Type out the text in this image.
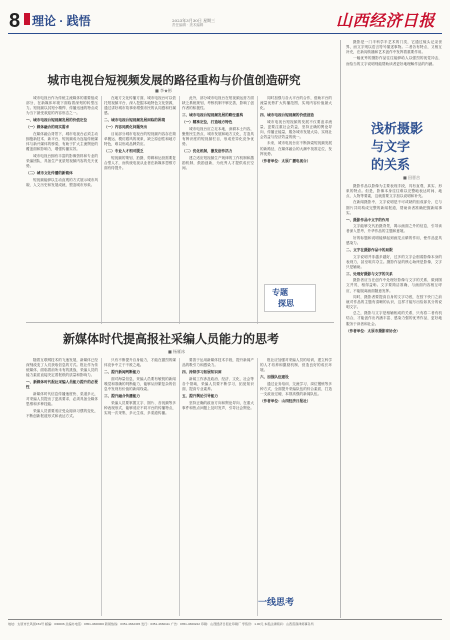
8 理论 · 践悟	2023年3月30日 星期三
责任编辑 · 美术编辑	山西经济日报
城市电视台短视频发展的路径重构与价值创造研究
■ 李★彬

城市电视台作为传统主流媒体的重要组成部分，在新媒体环境下面临着深刻的转型压力。短视频以其短小精悍、传播迅速的特点成为当下最受欢迎的内容形态之一。

一、城市电视台短视频发展的价值定位

（一）媒体融合的现实需求

在媒体融合背景下，城市电视台必须主动拥抱新技术、新平台，短视频成为连接传统媒体与新兴媒体的桥梁，有助于扩大主流舆论的覆盖面和影响力，增强传播实效。

城市电视台拥有丰富的影像资料和专业的采编团队，具备生产优质短视频内容的先天优势。

（二）城市文化传播的新载体

短视频能够以生动直观的方式展示城市风貌、人文历史和发展成就，塑造城市形象。

在地方文化传播方面，城市电视台可以依托短视频平台，深入挖掘本地特色文化资源，通过讲好城市故事来增强市民的认同感和归属感。

二、城市电视台短视频发展面临的困境

（一）内容同质化问题突出

目前部分城市电视台的短视频内容存在简单搬运、模仿跟风的现象，缺乏原创性和地方特色，难以形成品牌效应。

（二）专业人才相对匮乏

短视频的策划、拍摄、剪辑和运营需要复合型人才，而传统电视从业者在新媒体思维方面有待提升。

此外，部分城市电视台在短视频运营方面缺乏系统规划，考核机制不够完善，影响了创作者的积极性。

三、城市电视台短视频发展的路径重构

（一）精准定位，打造地方特色

城市电视台应立足本地，深耕本土内容，聚焦民生热点、城市发展和地方文化，打造具有辨识度的短视频栏目，形成差异化竞争优势。

（二）优化机制，激发创作活力

建立适应短视频生产规律的工作机制和激励机制，鼓励创新，为优秀人才提供成长空间。

同时加强与各大平台的合作，借助平台的流量优势扩大传播范围，实现内容价值最大化。

四、城市电视台短视频的价值创造

城市电视台短视频的发展不仅要追求流量，更要注重社会效益，坚持正确的舆论导向，传播正能量，服务城市发展大局，实现社会效益与经济效益的统一。

未来，城市电视台应不断探索短视频发展的新路径，在媒体融合的大潮中找准定位，发挥优势。

（作者单位：太原广播电视台）

专题
探思
新媒体时代提高报社采编人员能力的思考
■ 杨雁冰

随着互联网技术的飞速发展，新媒体已经深刻改变了人们获取信息的方式。报社作为传统媒体，面临着前所未有的挑战，采编人员的能力素质直接决定着报纸的质量和影响力。

一、新媒体时代报社采编人员能力提升的必要性

新媒体时代信息传播速度快、渠道多元，对采编人员提出了更高要求，必须具备全媒体思维和多种技能。

采编人员需要适应受众阅读习惯的变化，不断创新报道形式和表达方式。

只有不断提升自身能力，才能在激烈的媒体竞争中立于不败之地。

二、提升新闻判断能力

面对海量信息，采编人员要有敏锐的新闻嗅觉和准确的判断能力，能够从纷繁复杂的信息中发现有价值的新闻线索。

三、提升融合传播能力

采编人员要掌握文字、图片、音视频等多种表现形式，能够适应不同平台的传播特点，实现一次采集、多元生成、多渠道传播。

要善于运用新媒体技术手段，提升新闻产品的吸引力和感染力。

四、持续学习拓展知识面

新闻工作涉及政治、经济、文化、社会等各个领域，采编人员要不断学习，拓宽知识面，提高专业素养。

五、提升舆论引导能力

坚持正确的政治方向和舆论导向，在重大事件和热点问题上及时发声，引导社会舆论。

报社应加强对采编人员的培训，建立科学的人才培养和激励机制，营造良好的成长环境。

六、加强队伍建设

通过业务培训、交流学习、岗位锻炼等多种方式，全面提升采编队伍的综合素质，打造一支政治过硬、本领高强的新闻队伍。

（作者单位：山西经济日报社）

一线思考

摄影是一门半科学半艺术的门类，它通过镜头记录世界，而文字则以语言符号描述事物。二者各有特点，又相互补充，在新闻传播和艺术创作中发挥着重要作用。

一幅优秀的摄影作品往往能够给人以强烈的视觉冲击，而恰当的文字说明则能帮助读者更好地理解作品的内涵。

浅析摄影
与文字
的关系
■ 田晋吉

摄影作品以影像为主要表现手段，具有直观、真实、形象的特点。但是，影像本身往往难以完整地表达时间、地点、人物等要素，这就需要文字加以说明和补充。

在新闻摄影中，文字说明是不可或缺的组成部分，它与图片共同构成完整的新闻报道，帮助读者准确把握新闻事实。

一、摄影作品中文字的作用

文字能够交代拍摄背景，揭示画面之外的信息，引导读者深入思考，升华作品的主题和意境。

好的标题和说明能够起到画龙点睛的作用，使作品更具感染力。

二、文字在摄影作品中的局限

文字说明并非越多越好，过多的文字会削弱影像本身的表现力，甚至喧宾夺主。摄影作品的核心始终是影像，文字只是辅助。

三、处理好摄影与文字的关系

摄影者应当在创作中处理好影像与文字的关系，做到图文并茂、相得益彰。文字要简洁准确，与画面内容相互呼应，不能脱离画面随意发挥。

同时，摄影者要提高自身的文字功底，在按下快门之前就对作品的主题有清晰的认识，这样才能写出恰如其分的说明文字。

总之，摄影与文字是相辅相成的关系，只有将二者有机结合，才能创作出内涵丰富、感染力强的优秀作品，更好地服务于读者和社会。

（作者单位：太原市摄影家协会）

地址：太原市长风街151号 邮编：030006 总编办电话：0351-4660000 新闻热线：0351-4662345 发行：0351-4660111 广告：0351-4660222 印刷：山西经济日报社印刷厂 零售价：1.00元 本报法律顾问：山西晋商律师事务所
